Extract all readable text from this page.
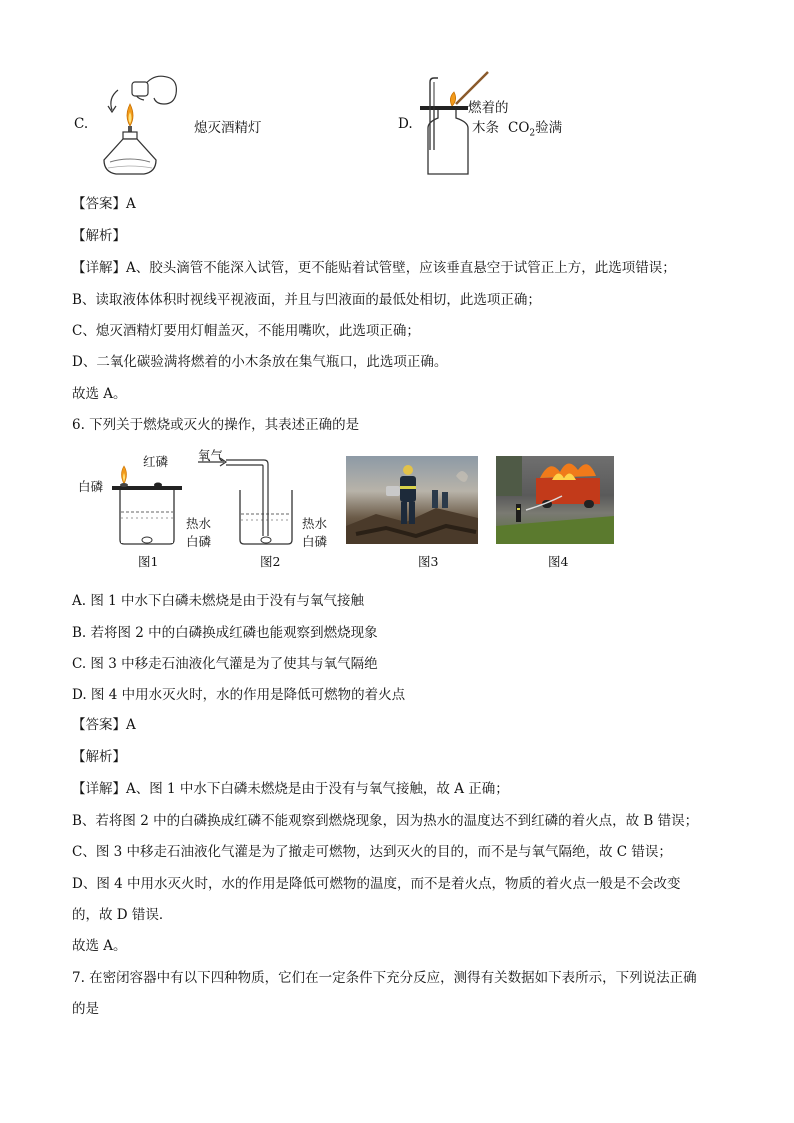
C.	熄灭酒精灯	D.
燃着的
木条 $CO_2$验满
【答案】A
【解析】
【详解】A、胶头滴管不能深入试管，更不能贴着试管壁，应该垂直悬空于试管正上方，此选项错误；
B、读取液体体积时视线平视液面，并且与凹液面的最低处相切，此选项正确；
C、熄灭酒精灯要用灯帽盖灭，不能用嘴吹，此选项正确；
D、二氧化碳验满将燃着的小木条放在集气瓶口，此选项正确。
故选 A。
6. 下列关于燃烧或灭火的操作，其表述正确的是
白磷
红磷
热水
白磷
图1
氧气
热水
白磷
图2	图3	图4
A. 图 1 中水下白磷未燃烧是由于没有与氧气接触
B. 若将图 2 中的白磷换成红磷也能观察到燃烧现象
C. 图 3 中移走石油液化气灌是为了使其与氧气隔绝
D. 图 4 中用水灭火时，水的作用是降低可燃物的着火点
【答案】A
【解析】
【详解】A、图 1 中水下白磷未燃烧是由于没有与氧气接触，故 A 正确；
B、若将图 2 中的白磷换成红磷不能观察到燃烧现象，因为热水的温度达不到红磷的着火点，故 B 错误；
C、图 3 中移走石油液化气灌是为了撤走可燃物，达到灭火的目的，而不是与氧气隔绝，故 C 错误；
D、图 4 中用水灭火时，水的作用是降低可燃物的温度，而不是着火点，物质的着火点一般是不会改变
的，故 D 错误．
故选 A。
7. 在密闭容器中有以下四种物质，它们在一定条件下充分反应，测得有关数据如下表所示，下列说法正确
的是
